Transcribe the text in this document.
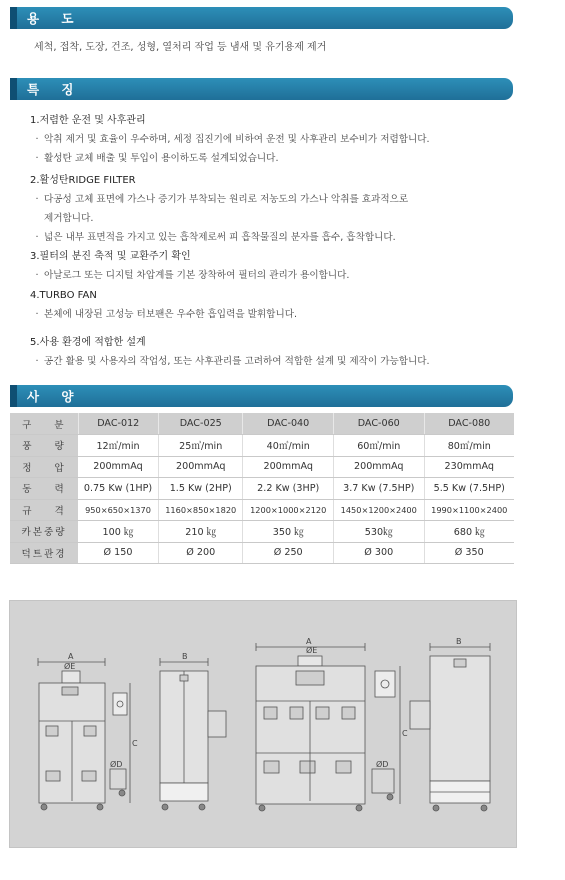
용 도
세척, 접착, 도장, 건조, 성형, 열처리 작업 등 냄새 및 유기용제 제거
특 징
1.저렴한 운전 및 사후관리
· 악취 제거 및 효율이 우수하며, 세정 집진기에 비하여 운전 및 사후관리 보수비가 저렴합니다.
· 활성탄 교체 배출 및 투입이 용이하도록 설계되었습니다.
2.활성탄RIDGE FILTER
· 다공성 고체 표면에 가스나 증기가 부착되는 원리로 저농도의 가스나 악취를 효과적으로
제거합니다.
· 넓은 내부 표면적을 가지고 있는 흡착제로써 피 흡착물질의 분자를 흡수, 흡착합니다.
3.필터의 분진 축적 및 교환주기 확인
· 아날로그 또는 디지털 차압계를 기본 장착하여 필터의 관리가 용이합니다.
4.TURBO FAN
· 본체에 내장된 고성능 터보팬은 우수한 흡입력을 발휘합니다.
5.사용 환경에 적합한 설계
· 공간 활용 및 사용자의 작업성, 또는 사후관리를 고려하여 적합한 설계 및 제작이 가능합니다.
사 양
구 분	DAC-012	DAC-025	DAC-040	DAC-060	DAC-080
풍 량	12㎥/min	25㎥/min	40㎥/min	60㎥/min	80㎥/min
정 압	200mmAq	200mmAq	200mmAq	200mmAq	230mmAq
동 력	0.75 Kw (1HP)	1.5 Kw (2HP)	2.2 Kw (3HP)	3.7 Kw (7.5HP)	5.5 Kw (7.5HP)
규 격	950×650×1370	1160×850×1820	1200×1000×2120	1450×1200×2400	1990×1100×2400
카본중량	100 ㎏	210 ㎏	350 ㎏	530㎏	680 ㎏
덕트관경	Ø 150	Ø 200	Ø 250	Ø 300	Ø 350
A
ØE
ØD
C
B
A
ØE
ØD
C
B
